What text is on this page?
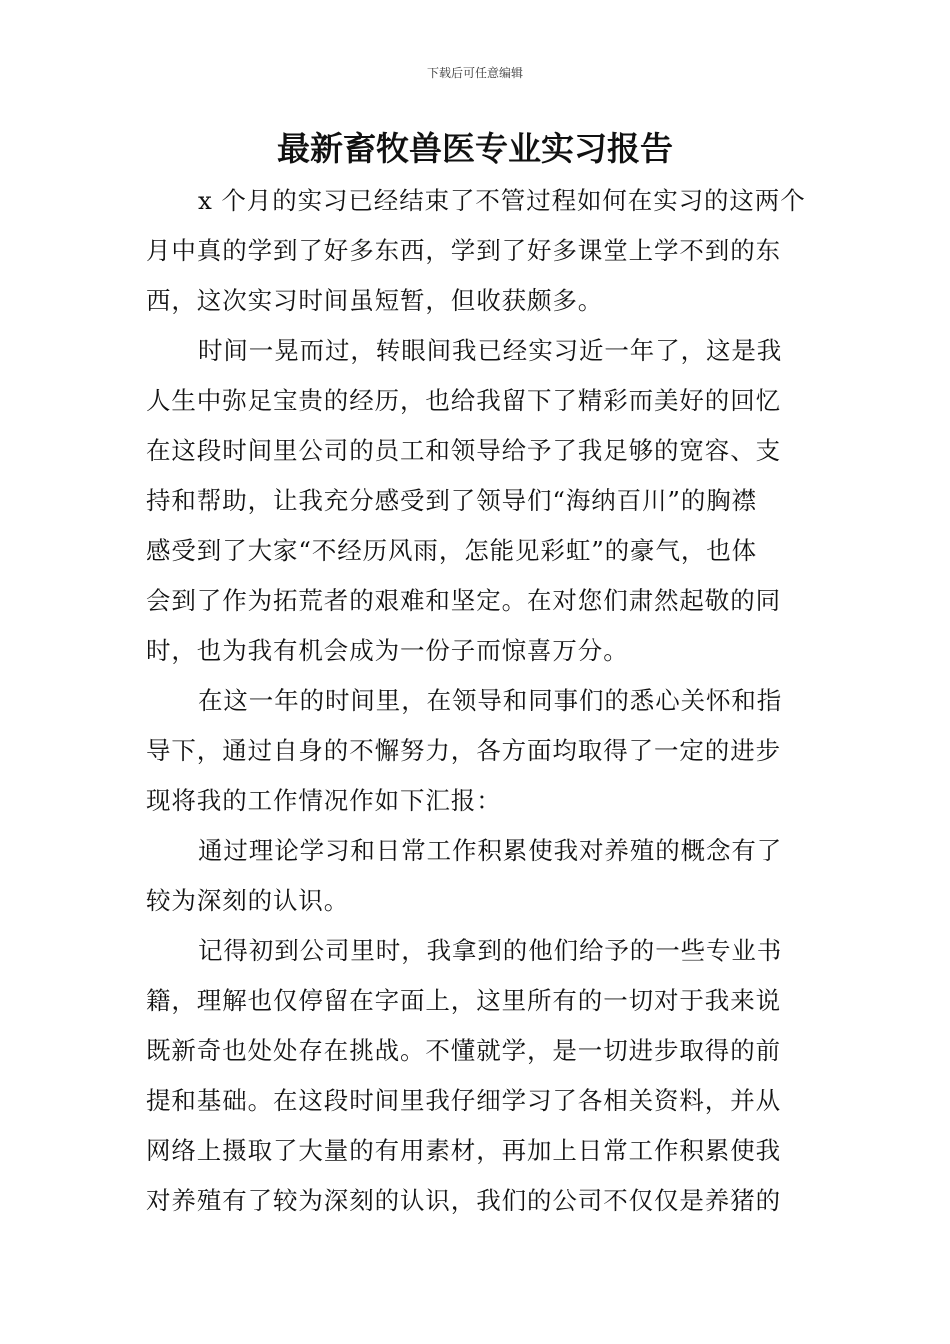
下载后可任意编辑
最新畜牧兽医专业实习报告
x 个月的实习已经结束了不管过程如何在实习的这两个
月中真的学到了好多东西，学到了好多课堂上学不到的东
西，这次实习时间虽短暂，但收获颇多。
时间一晃而过，转眼间我已经实习近一年了，这是我
人生中弥足宝贵的经历，也给我留下了精彩而美好的回忆
在这段时间里公司的员工和领导给予了我足够的宽容、支
持和帮助，让我充分感受到了领导们“海纳百川”的胸襟
感受到了大家“不经历风雨，怎能见彩虹”的豪气，也体
会到了作为拓荒者的艰难和坚定。在对您们肃然起敬的同
时，也为我有机会成为一份子而惊喜万分。
在这一年的时间里，在领导和同事们的悉心关怀和指
导下，通过自身的不懈努力，各方面均取得了一定的进步
现将我的工作情况作如下汇报：
通过理论学习和日常工作积累使我对养殖的概念有了
较为深刻的认识。
记得初到公司里时，我拿到的他们给予的一些专业书
籍，理解也仅停留在字面上，这里所有的一切对于我来说
既新奇也处处存在挑战。不懂就学，是一切进步取得的前
提和基础。在这段时间里我仔细学习了各相关资料，并从
网络上摄取了大量的有用素材，再加上日常工作积累使我
对养殖有了较为深刻的认识，我们的公司不仅仅是养猪的
